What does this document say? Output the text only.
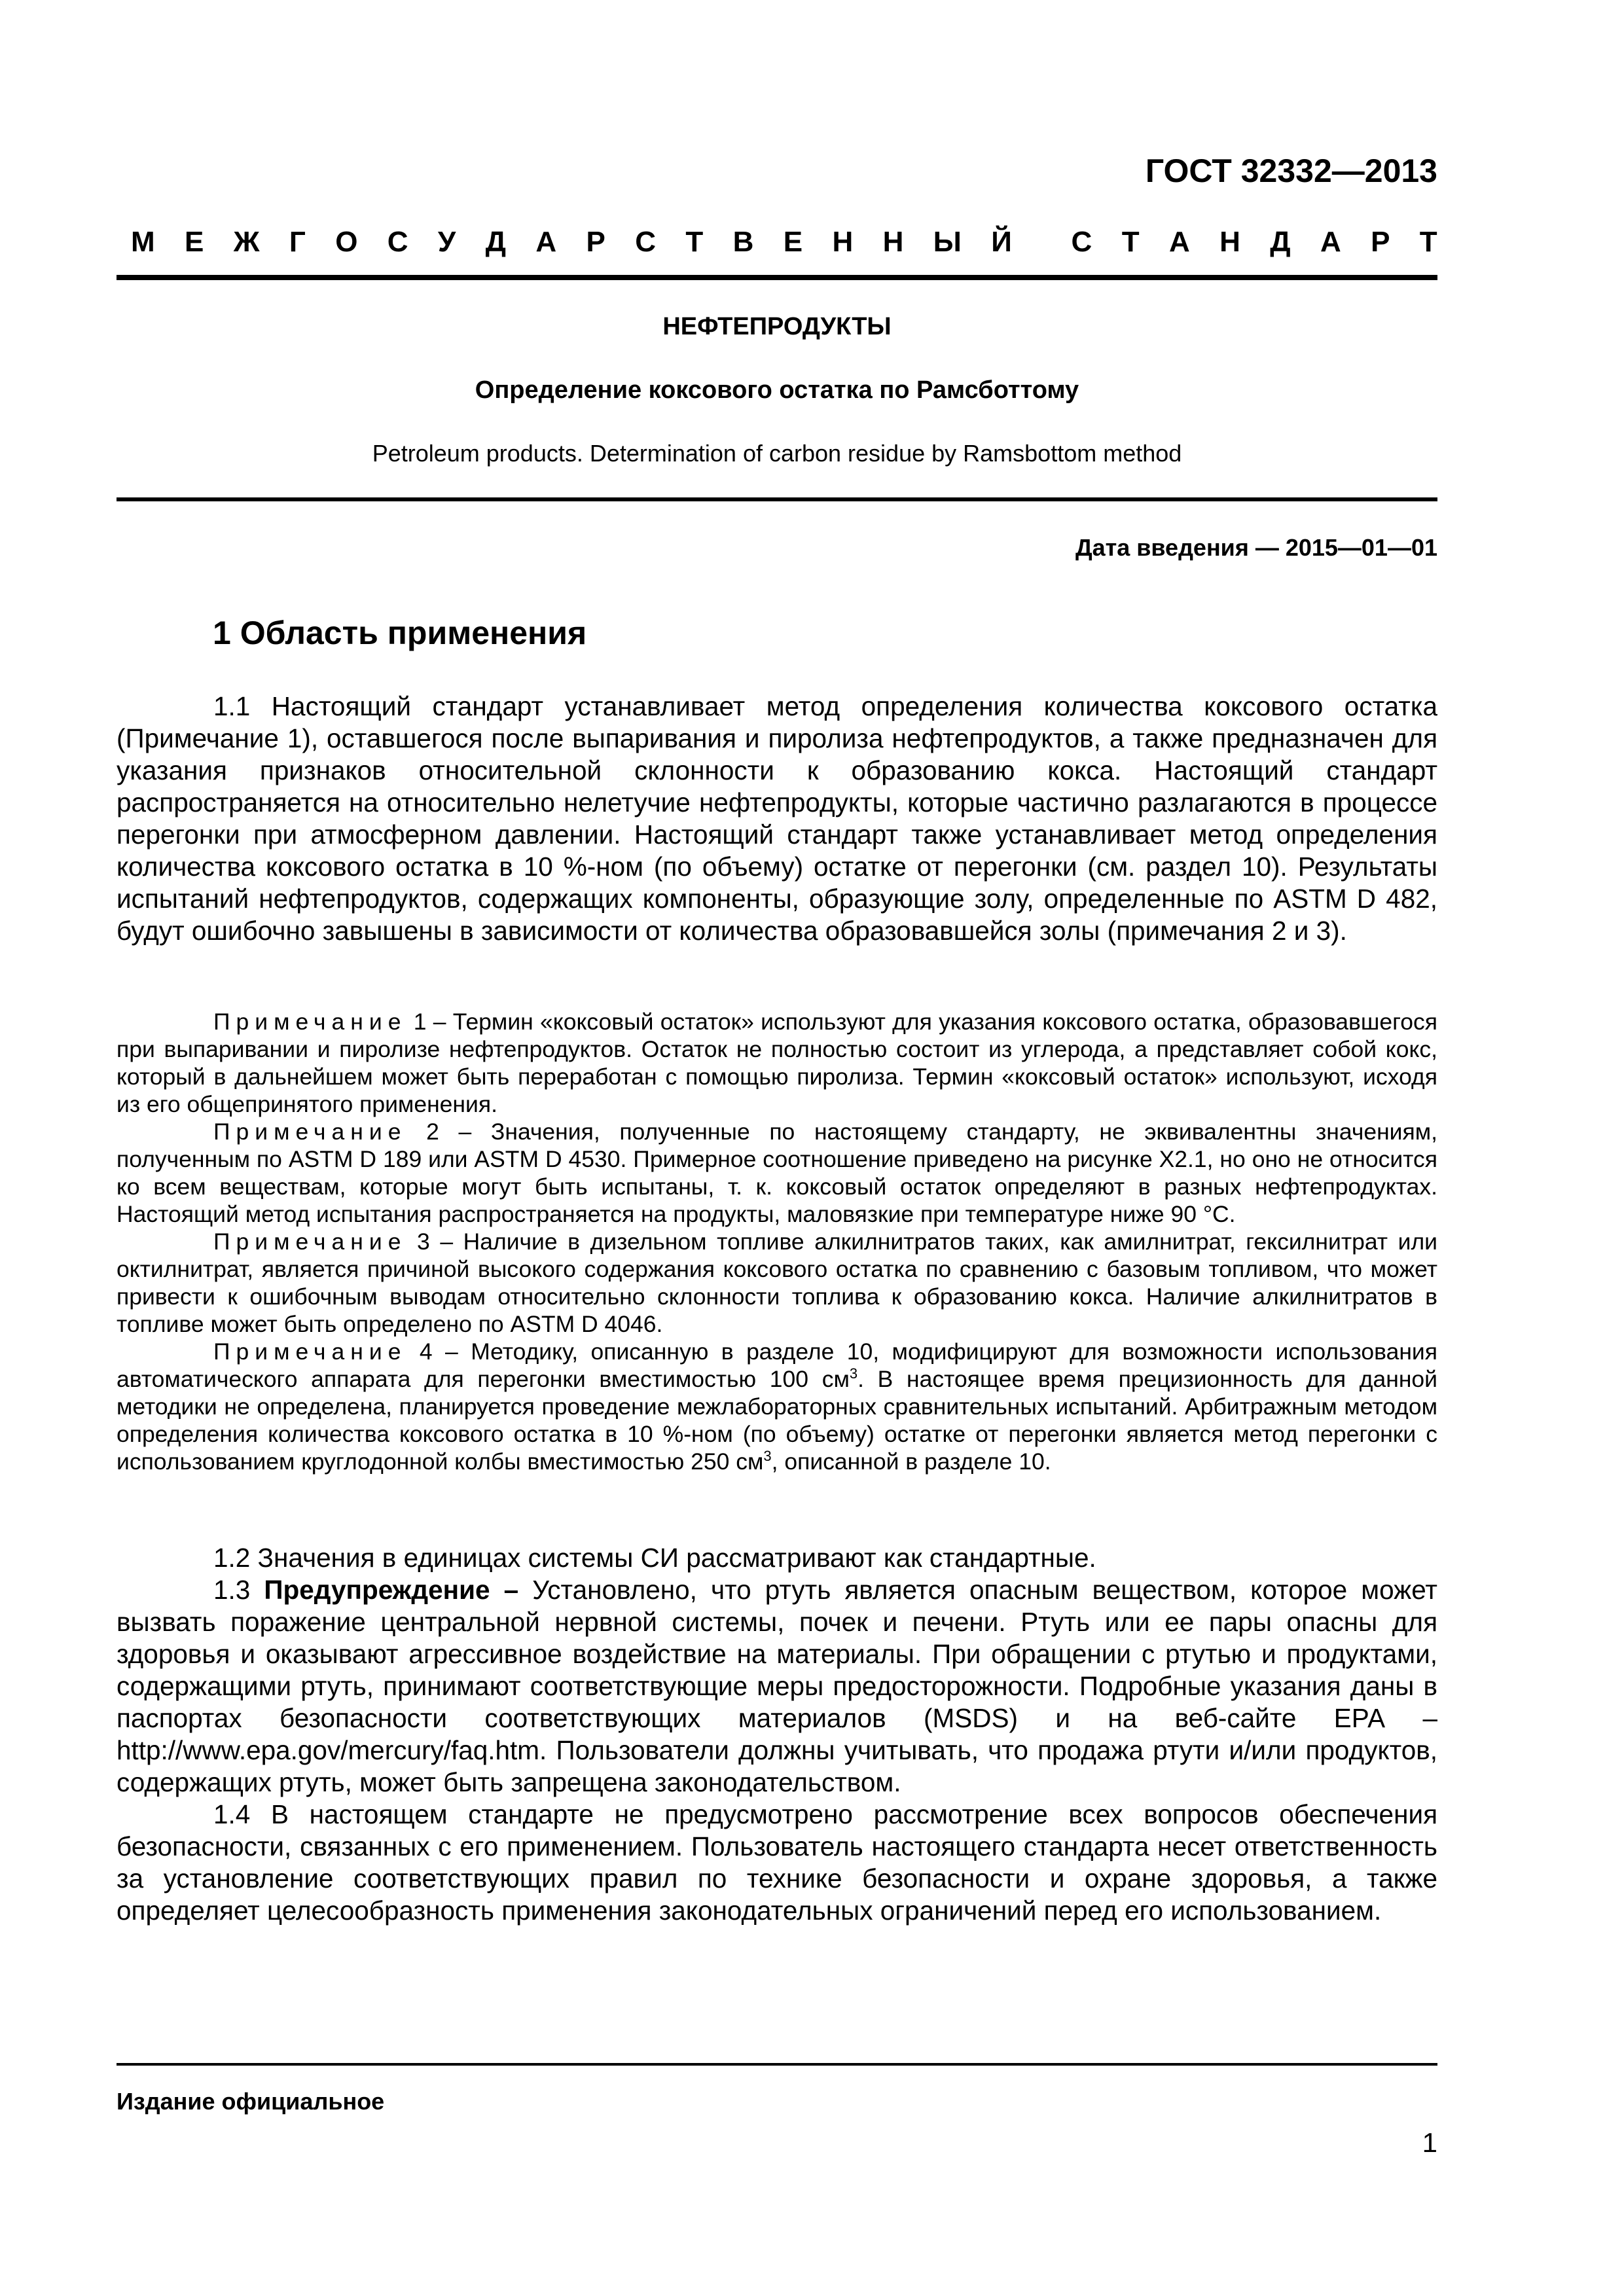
ГОСТ 32332—2013
М Е Ж Г О С У Д А Р С Т В Е Н Н Ы Й С Т А Н Д А Р Т
НЕФТЕПРОДУКТЫ
Определение коксового остатка по Рамсботтому
Petroleum products. Determination of carbon residue by Ramsbottom method
Дата введения — 2015—01—01
1 Область применения

1.1 Настоящий стандарт устанавливает метод определения количества коксового остатка (Примечание 1), оставшегося после выпаривания и пиролиза нефтепродуктов, а также предназначен для указания признаков относительной склонности к образованию кокса. Настоящий стандарт распространяется на относительно нелетучие нефтепродукты, которые частично разлагаются в процессе перегонки при атмосферном давлении. Настоящий стандарт также устанавливает метод определения количества коксового остатка в 10 %-ном (по объему) остатке от перегонки (см. раздел 10). Результаты испытаний нефтепродуктов, содержащих компоненты, образующие золу, определенные по ASTM D 482, будут ошибочно завышены в зависимости от количества образовавшейся золы (примечания 2 и 3).

Примечание 1 – Термин «коксовый остаток» используют для указания коксового остатка, образовавшегося при выпаривании и пиролизе нефтепродуктов. Остаток не полностью состоит из углерода, а представляет собой кокс, который в дальнейшем может быть переработан с помощью пиролиза. Термин «коксовый остаток» используют, исходя из его общепринятого применения.

Примечание 2 – Значения, полученные по настоящему стандарту, не эквивалентны значениям, полученным по ASTM D 189 или ASTM D 4530. Примерное соотношение приведено на рисунке Х2.1, но оно не относится ко всем веществам, которые могут быть испытаны, т. к. коксовый остаток определяют в разных нефтепродуктах. Настоящий метод испытания распространяется на продукты, маловязкие при температуре ниже 90 °С.

Примечание 3 – Наличие в дизельном топливе алкилнитратов таких, как амилнитрат, гексилнитрат или октилнитрат, является причиной высокого содержания коксового остатка по сравнению с базовым топливом, что может привести к ошибочным выводам относительно склонности топлива к образованию кокса. Наличие алкилнитратов в топливе может быть определено по ASTM D 4046.

Примечание 4 – Методику, описанную в разделе 10, модифицируют для возможности использования автоматического аппарата для перегонки вместимостью 100 $см^3$. В настоящее время прецизионность для данной методики не определена, планируется проведение межлабораторных сравнительных испытаний. Арбитражным методом определения количества коксового остатка в 10 %-ном (по объему) остатке от перегонки является метод перегонки с использованием круглодонной колбы вместимостью 250 $см^3$, описанной в разделе 10.

1.2 Значения в единицах системы СИ рассматривают как стандартные.

1.3 Предупреждение – Установлено, что ртуть является опасным веществом, которое может вызвать поражение центральной нервной системы, почек и печени. Ртуть или ее пары опасны для здоровья и оказывают агрессивное воздействие на материалы. При обращении с ртутью и продуктами, содержащими ртуть, принимают соответствующие меры предосторожности. Подробные указания даны в паспортах безопасности соответствующих материалов (MSDS) и на веб-сайте ЕРА – http://www.epa.gov/mercury/faq.htm. Пользователи должны учитывать, что продажа ртути и/или продуктов, содержащих ртуть, может быть запрещена законодательством.

1.4 В настоящем стандарте не предусмотрено рассмотрение всех вопросов обеспечения безопасности, связанных с его применением. Пользователь настоящего стандарта несет ответственность за установление соответствующих правил по технике безопасности и охране здоровья, а также определяет целесообразность применения законодательных ограничений перед его использованием.

Издание официальное
1
